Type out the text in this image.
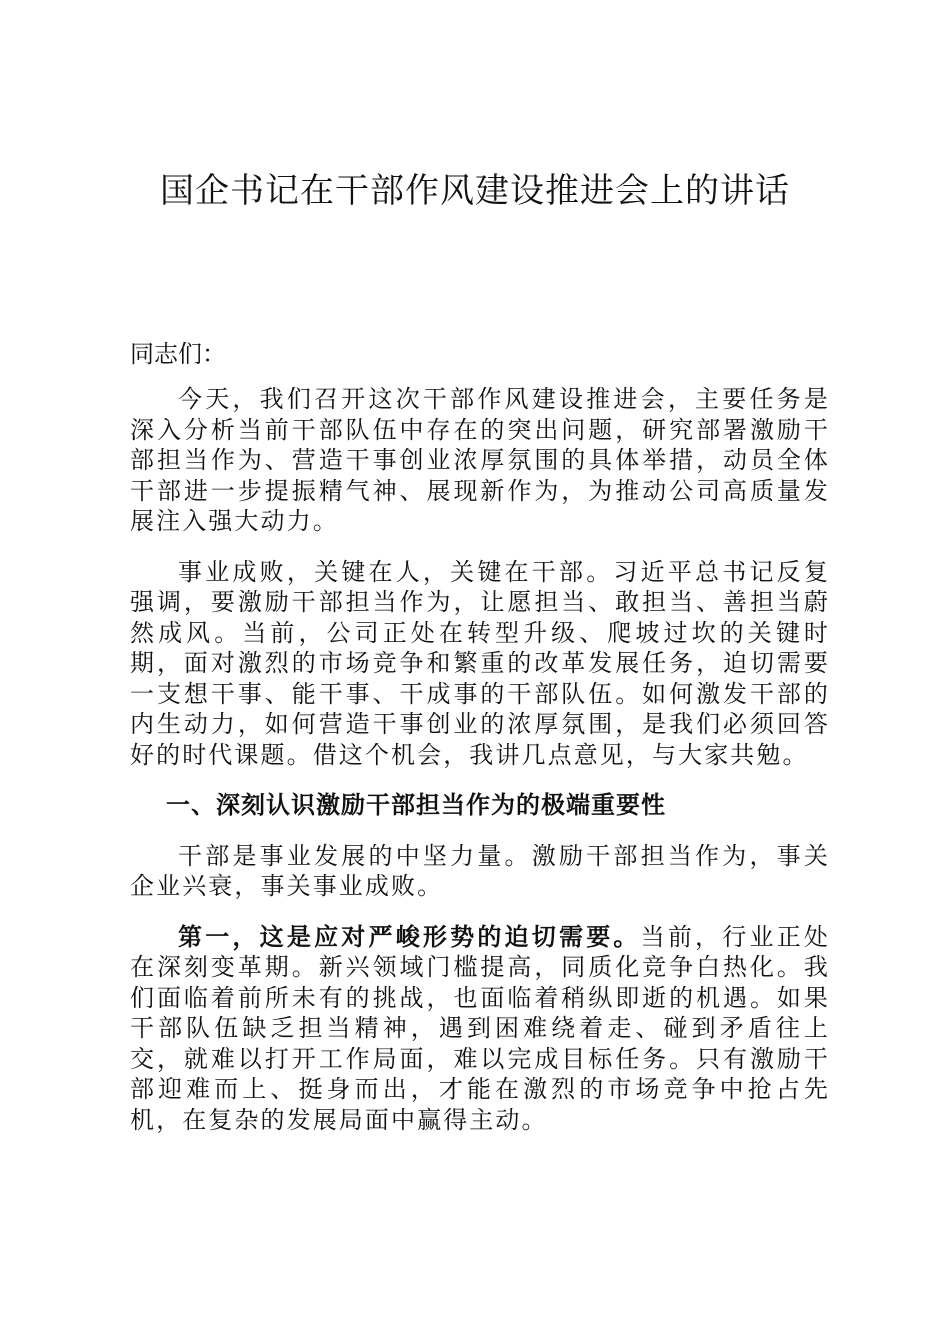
国企书记在干部作风建设推进会上的讲话

同志们：

今天，我们召开这次干部作风建设推进会，主要任务是深入分析当前干部队伍中存在的突出问题，研究部署激励干部担当作为、营造干事创业浓厚氛围的具体举措，动员全体干部进一步提振精气神、展现新作为，为推动公司高质量发展注入强大动力。

事业成败，关键在人，关键在干部。习近平总书记反复强调，要激励干部担当作为，让愿担当、敢担当、善担当蔚然成风。当前，公司正处在转型升级、爬坡过坎的关键时期，面对激烈的市场竞争和繁重的改革发展任务，迫切需要一支想干事、能干事、干成事的干部队伍。如何激发干部的内生动力，如何营造干事创业的浓厚氛围，是我们必须回答好的时代课题。借这个机会，我讲几点意见，与大家共勉。

一、深刻认识激励干部担当作为的极端重要性

干部是事业发展的中坚力量。激励干部担当作为，事关企业兴衰，事关事业成败。

第一，这是应对严峻形势的迫切需要。当前，行业正处在深刻变革期。新兴领域门槛提高，同质化竞争白热化。我们面临着前所未有的挑战，也面临着稍纵即逝的机遇。如果干部队伍缺乏担当精神，遇到困难绕着走、碰到矛盾往上交，就难以打开工作局面，难以完成目标任务。只有激励干部迎难而上、挺身而出，才能在激烈的市场竞争中抢占先机，在复杂的发展局面中赢得主动。
